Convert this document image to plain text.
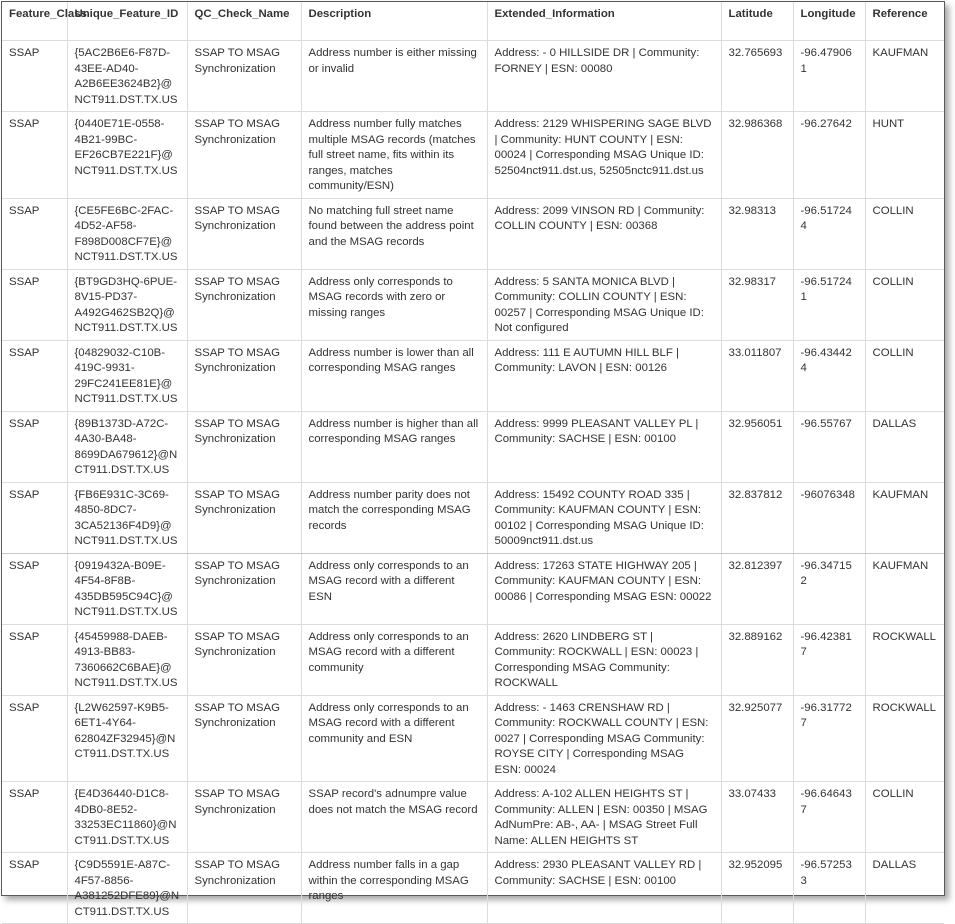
Feature_Class	Unique_Feature_ID	QC_Check_Name	Description	Extended_Information	Latitude	Longitude	Reference
SSAP	{5AC2B6E6-F87D-43EE-AD40-A2B6EE3624B2}@NCT911.DST.TX.US	SSAP TO MSAG Synchronization	Address number is either missing or invalid	Address: - 0 HILLSIDE DR | Community: FORNEY | ESN: 00080	32.765693	-96.479061	KAUFMAN
SSAP	{0440E71E-0558-4B21-99BC-EF26CB7E221F}@NCT911.DST.TX.US	SSAP TO MSAG Synchronization	Address number fully matches multiple MSAG records (matches full street name, fits within its ranges, matches community/ESN)	Address: 2129 WHISPERING SAGE BLVD | Community: HUNT COUNTY | ESN: 00024 | Corresponding MSAG Unique ID: 52504nct911.dst.us, 52505nctc911.dst.us	32.986368	-96.27642	HUNT
SSAP	{CE5FE6BC-2FAC-4D52-AF58-F898D008CF7E}@NCT911.DST.TX.US	SSAP TO MSAG Synchronization	No matching full street name found between the address point and the MSAG records	Address: 2099 VINSON RD | Community: COLLIN COUNTY | ESN: 00368	32.98313	-96.517244	COLLIN
SSAP	{BT9GD3HQ-6PUE-8V15-PD37-A492G462SB2Q}@NCT911.DST.TX.US	SSAP TO MSAG Synchronization	Address only corresponds to MSAG records with zero or missing ranges	Address: 5 SANTA MONICA BLVD | Community: COLLIN COUNTY | ESN: 00257 | Corresponding MSAG Unique ID: Not configured	32.98317	-96.517241	COLLIN
SSAP	{04829032-C10B-419C-9931-29FC241EE81E}@NCT911.DST.TX.US	SSAP TO MSAG Synchronization	Address number is lower than all corresponding MSAG ranges	Address: 111 E AUTUMN HILL BLF | Community: LAVON | ESN: 00126	33.011807	-96.434424	COLLIN
SSAP	{89B1373D-A72C-4A30-BA48-8699DA679612}@NCT911.DST.TX.US	SSAP TO MSAG Synchronization	Address number is higher than all corresponding MSAG ranges	Address: 9999 PLEASANT VALLEY PL | Community: SACHSE | ESN: 00100	32.956051	-96.55767	DALLAS
SSAP	{FB6E931C-3C69-4850-8DC7-3CA52136F4D9}@NCT911.DST.TX.US	SSAP TO MSAG Synchronization	Address number parity does not match the corresponding MSAG records	Address: 15492 COUNTY ROAD 335 | Community: KAUFMAN COUNTY | ESN: 00102 | Corresponding MSAG Unique ID: 50009nct911.dst.us	32.837812	-96076348	KAUFMAN
SSAP	{0919432A-B09E-4F54-8F8B-435DB595C94C}@NCT911.DST.TX.US	SSAP TO MSAG Synchronization	Address only corresponds to an MSAG record with a different ESN	Address: 17263 STATE HIGHWAY 205 | Community: KAUFMAN COUNTY | ESN: 00086 | Corresponding MSAG ESN: 00022	32.812397	-96.347152	KAUFMAN
SSAP	{45459988-DAEB-4913-BB83-7360662C6BAE}@NCT911.DST.TX.US	SSAP TO MSAG Synchronization	Address only corresponds to an MSAG record with a different community	Address: 2620 LINDBERG ST | Community: ROCKWALL | ESN: 00023 | Corresponding MSAG Community: ROCKWALL	32.889162	-96.423817	ROCKWALL
SSAP	{L2W62597-K9B5-6ET1-4Y64-62804ZF32945}@NCT911.DST.TX.US	SSAP TO MSAG Synchronization	Address only corresponds to an MSAG record with a different community and ESN	Address: - 1463 CRENSHAW RD | Community: ROCKWALL COUNTY | ESN: 0027 | Corresponding MSAG Community: ROYSE CITY | Corresponding MSAG ESN: 00024	32.925077	-96.317727	ROCKWALL
SSAP	{E4D36440-D1C8-4DB0-8E52-33253EC11860}@NCT911.DST.TX.US	SSAP TO MSAG Synchronization	SSAP record's adnumpre value does not match the MSAG record	Address: A-102 ALLEN HEIGHTS ST | Community: ALLEN | ESN: 00350 | MSAG AdNumPre: AB-, AA- | MSAG Street Full Name: ALLEN HEIGHTS ST	33.07433	-96.646437	COLLIN
SSAP	{C9D5591E-A87C-4F57-8856-A381252DFE89}@NCT911.DST.TX.US	SSAP TO MSAG Synchronization	Address number falls in a gap within the corresponding MSAG ranges	Address: 2930 PLEASANT VALLEY RD | Community: SACHSE | ESN: 00100	32.952095	-96.572533	DALLAS
